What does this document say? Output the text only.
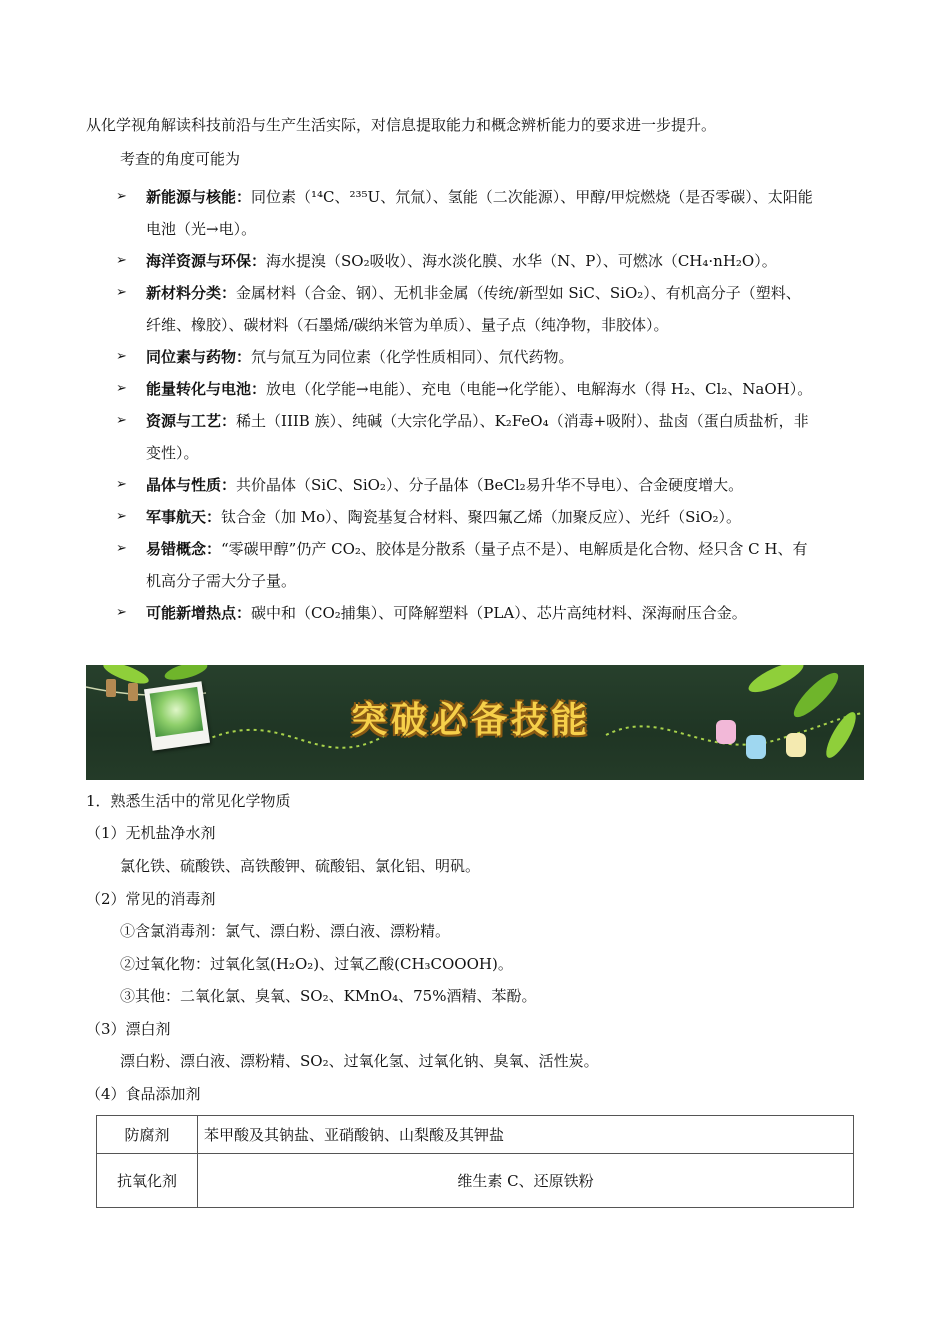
从化学视角解读科技前沿与生产生活实际，对信息提取能力和概念辨析能力的要求进一步提升。
考查的角度可能为
➢ 新能源与核能：同位素（¹⁴C、²³⁵U、氘氚）、氢能（二次能源）、甲醇/甲烷燃烧（是否零碳）、太阳能
电池（光→电）。
➢ 海洋资源与环保：海水提溴（SO₂吸收）、海水淡化膜、水华（N、P）、可燃冰（CH₄·nH₂O）。
➢ 新材料分类：金属材料（合金、钢）、无机非金属（传统/新型如 SiC、SiO₂）、有机高分子（塑料、
纤维、橡胶）、碳材料（石墨烯/碳纳米管为单质）、量子点（纯净物，非胶体）。
➢ 同位素与药物：氘与氚互为同位素（化学性质相同）、氘代药物。
➢ 能量转化与电池：放电（化学能→电能）、充电（电能→化学能）、电解海水（得 H₂、Cl₂、NaOH）。
➢ 资源与工艺：稀土（IIIB 族）、纯碱（大宗化学品）、K₂FeO₄（消毒+吸附）、盐卤（蛋白质盐析，非
变性）。
➢ 晶体与性质：共价晶体（SiC、SiO₂）、分子晶体（BeCl₂易升华不导电）、合金硬度增大。
➢ 军事航天：钛合金（加 Mo）、陶瓷基复合材料、聚四氟乙烯（加聚反应）、光纤（SiO₂）。
➢ 易错概念：“零碳甲醇”仍产 CO₂、胶体是分散系（量子点不是）、电解质是化合物、烃只含 C H、有
机高分子需大分子量。
➢ 可能新增热点：碳中和（CO₂捕集）、可降解塑料（PLA）、芯片高纯材料、深海耐压合金。
突破必备技能
1．熟悉生活中的常见化学物质
（1）无机盐净水剂
氯化铁、硫酸铁、高铁酸钾、硫酸铝、氯化铝、明矾。
（2）常见的消毒剂
①含氯消毒剂：氯气、漂白粉、漂白液、漂粉精。
②过氧化物：过氧化氢(H₂O₂)、过氧乙酸(CH₃COOOH)。
③其他：二氧化氯、臭氧、SO₂、KMnO₄、75%酒精、苯酚。
（3）漂白剂
漂白粉、漂白液、漂粉精、SO₂、过氧化氢、过氧化钠、臭氧、活性炭。
（4）食品添加剂
防腐剂	苯甲酸及其钠盐、亚硝酸钠、山梨酸及其钾盐
抗氧化剂	维生素 C、还原铁粉
